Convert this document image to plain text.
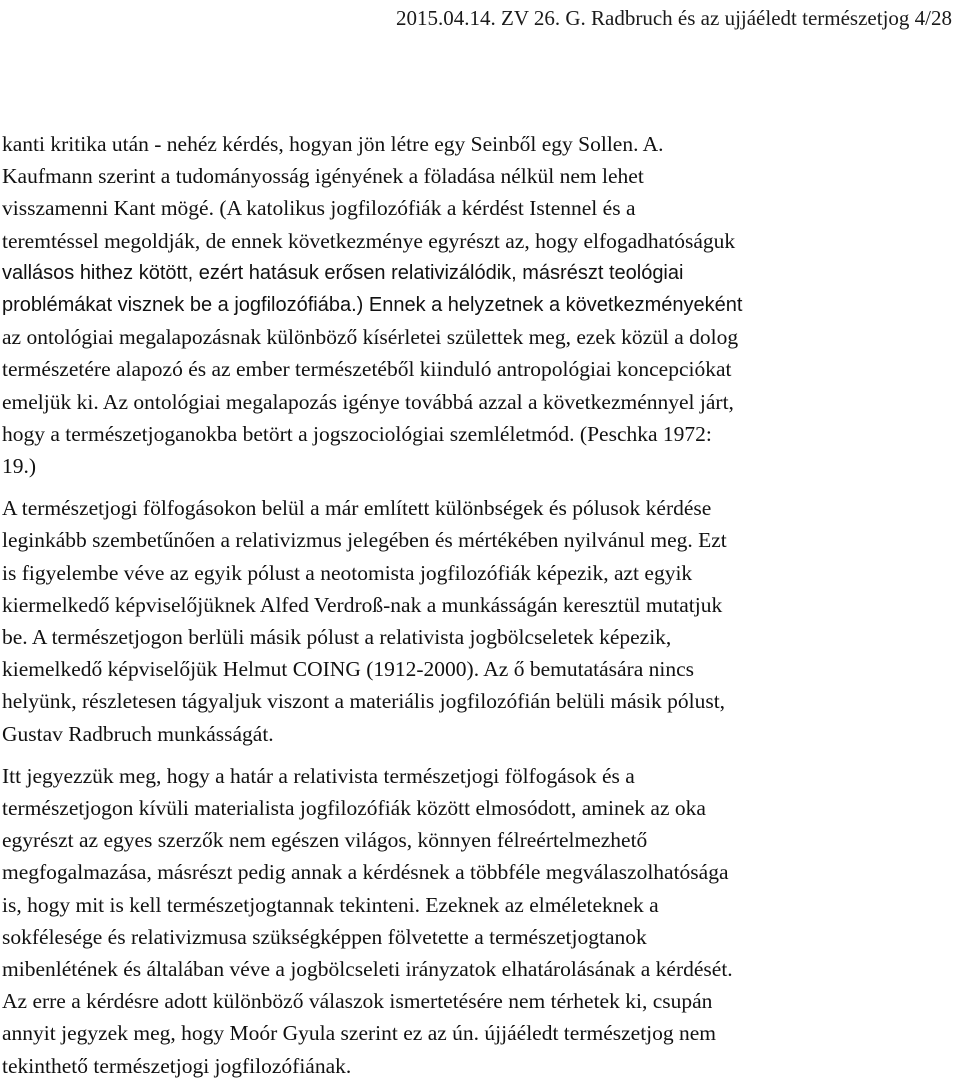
2015.04.14. ZV 26. G. Radbruch és az ujjáéledt természetjog 4/28

kanti kritika után - nehéz kérdés, hogyan jön létre egy Seinből egy Sollen. A.
Kaufmann szerint a tudományosság igényének a föladása nélkül nem lehet
visszamenni Kant mögé. (A katolikus jogfilozófiák a kérdést Istennel és a
teremtéssel megoldják, de ennek következménye egyrészt az, hogy elfogadhatóságuk
vallásos hithez kötött, ezért hatásuk erősen relativizálódik, másrészt teológiai
problémákat visznek be a jogfilozófiába.) Ennek a helyzetnek a következményeként
az ontológiai megalapozásnak különböző kísérletei születtek meg, ezek közül a dolog
természetére alapozó és az ember természetéből kiinduló antropológiai koncepciókat
emeljük ki. Az ontológiai megalapozás igénye továbbá azzal a következménnyel járt,
hogy a természetjoganokba betört a jogszociológiai szemléletmód. (Peschka 1972:
19.)

A természetjogi fölfogásokon belül a már említett különbségek és pólusok kérdése
leginkább szembetűnően a relativizmus jelegében és mértékében nyilvánul meg. Ezt
is figyelembe véve az egyik pólust a neotomista jogfilozófiák képezik, azt egyik
kiermelkedő képviselőjüknek Alfed Verdroß-nak a munkásságán keresztül mutatjuk
be. A természetjogon berlüli másik pólust a relativista jogbölcseletek képezik,
kiemelkedő képviselőjük Helmut COING (1912-2000). Az ő bemutatására nincs
helyünk, részletesen tágyaljuk viszont a materiális jogfilozófián belüli másik pólust,
Gustav Radbruch munkásságát.

Itt jegyezzük meg, hogy a határ a relativista természetjogi fölfogások és a
természetjogon kívüli materialista jogfilozófiák között elmosódott, aminek az oka
egyrészt az egyes szerzők nem egészen világos, könnyen félreértelmezhető
megfogalmazása, másrészt pedig annak a kérdésnek a többféle megválaszolhatósága
is, hogy mit is kell természetjogtannak tekinteni. Ezeknek az elméleteknek a
sokfélesége és relativizmusa szükségképpen fölvetette a természetjogtanok
mibenlétének és általában véve a jogbölcseleti irányzatok elhatárolásának a kérdését.
Az erre a kérdésre adott különböző válaszok ismertetésére nem térhetek ki, csupán
annyit jegyzek meg, hogy Moór Gyula szerint ez az ún. újjáéledt természetjog nem
tekinthető természetjogi jogfilozófiának.
